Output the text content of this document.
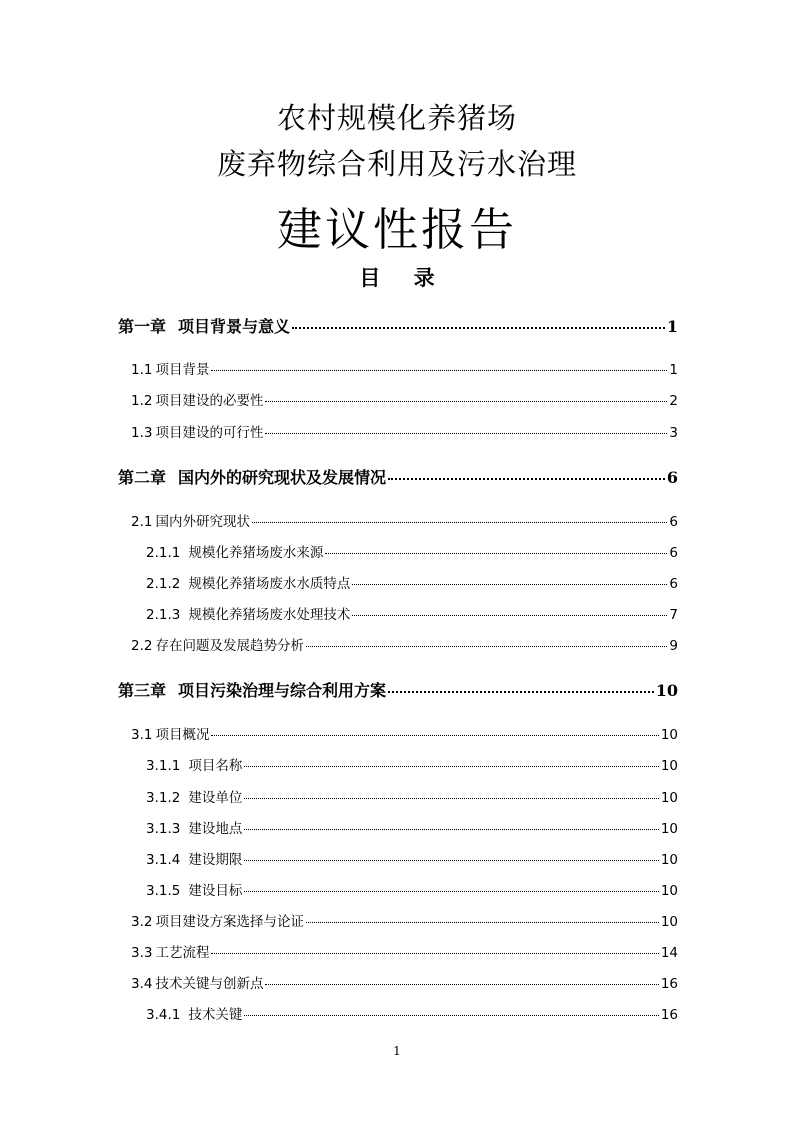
农村规模化养猪场
废弃物综合利用及污水治理
建议性报告
目 录
第一章 项目背景与意义	1
1.1 项目背景	1
1.2 项目建设的必要性	2
1.3 项目建设的可行性	3
第二章 国内外的研究现状及发展情况	6
2.1 国内外研究现状	6
2.1.1 规模化养猪场废水来源	6
2.1.2 规模化养猪场废水水质特点	6
2.1.3 规模化养猪场废水处理技术	7
2.2 存在问题及发展趋势分析	9
第三章 项目污染治理与综合利用方案	10
3.1 项目概况	10
3.1.1 项目名称	10
3.1.2 建设单位	10
3.1.3 建设地点	10
3.1.4 建设期限	10
3.1.5 建设目标	10
3.2 项目建设方案选择与论证	10
3.3 工艺流程	14
3.4 技术关键与创新点	16
3.4.1 技术关键	16
1
